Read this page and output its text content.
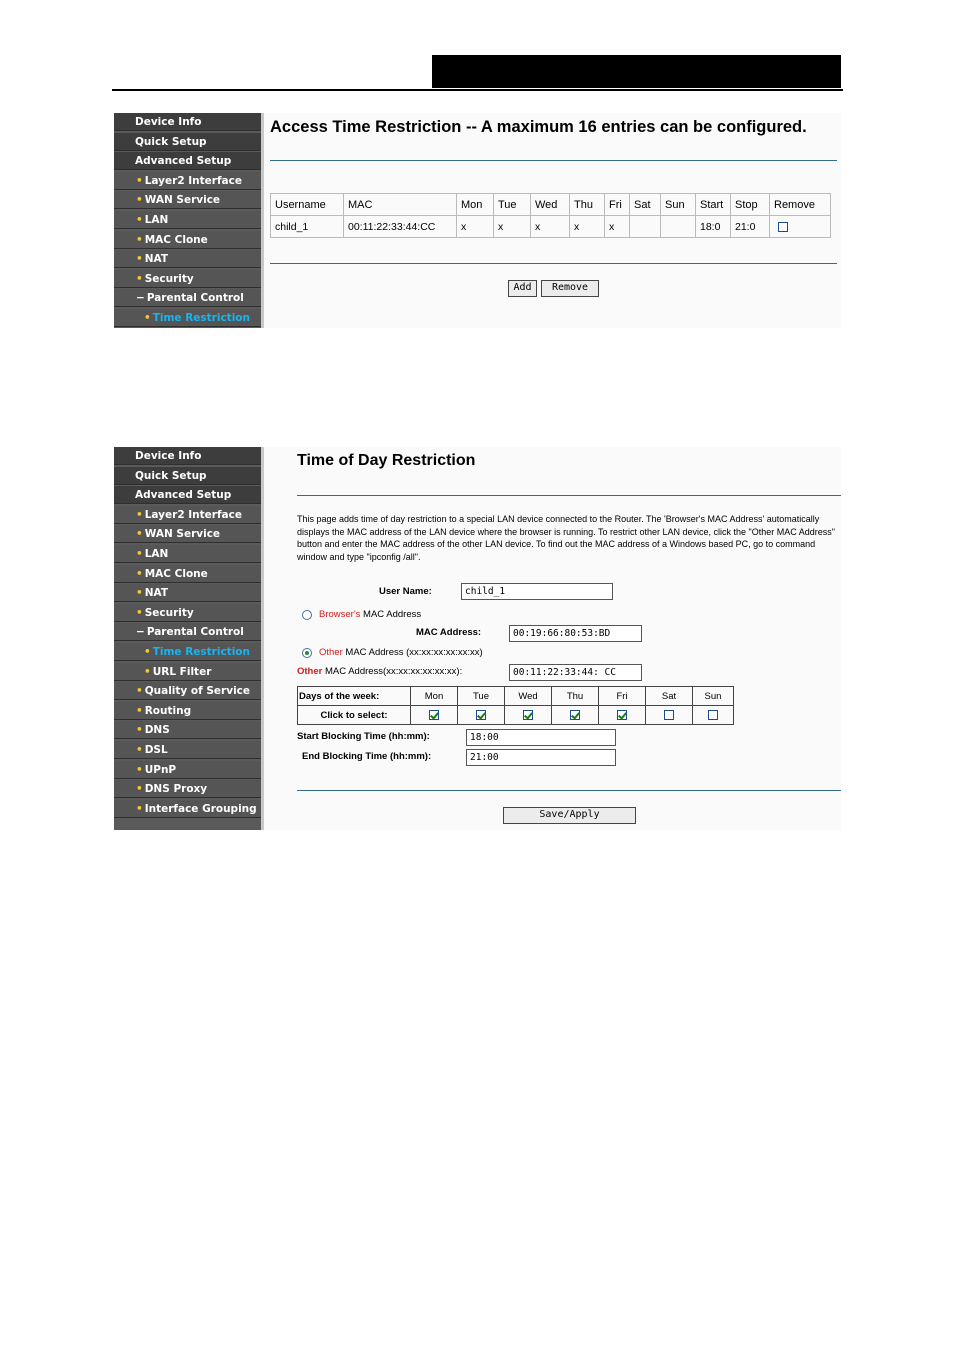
Device Info
Quick Setup
Advanced Setup
• Layer2 Interface
• WAN Service
• LAN
• MAC Clone
• NAT
• Security
− Parental Control
• Time Restriction
Access Time Restriction -- A maximum 16 entries can be configured.
Username	MAC	Mon	Tue	Wed	Thu	Fri	Sat	Sun	Start	Stop	Remove
child_1	00:11:22:33:44:CC	x	x	x	x	x			18:0	21:0	
Add	Remove
Device Info
Quick Setup
Advanced Setup
• Layer2 Interface
• WAN Service
• LAN
• MAC Clone
• NAT
• Security
− Parental Control
• Time Restriction
• URL Filter
• Quality of Service
• Routing
• DNS
• DSL
• UPnP
• DNS Proxy
• Interface Grouping
Time of Day Restriction
This page adds time of day restriction to a special LAN device connected to the Router. The 'Browser's MAC Address' automatically displays the MAC address of the LAN device where the browser is running. To restrict other LAN device, click the "Other MAC Address" button and enter the MAC address of the other LAN device. To find out the MAC address of a Windows based PC, go to command window and type "ipconfig /all".
User Name:	child_1
Browser's MAC Address
MAC Address:	00:19:66:80:53:BD
Other MAC Address (xx:xx:xx:xx:xx:xx)
Other MAC Address(xx:xx:xx:xx:xx:xx):	00:11:22:33:44: CC
Days of the week:	Mon	Tue	Wed	Thu	Fri	Sat	Sun
Click to select:							
Start Blocking Time (hh:mm):	18:00
End Blocking Time (hh:mm):	21:00
Save/Apply
